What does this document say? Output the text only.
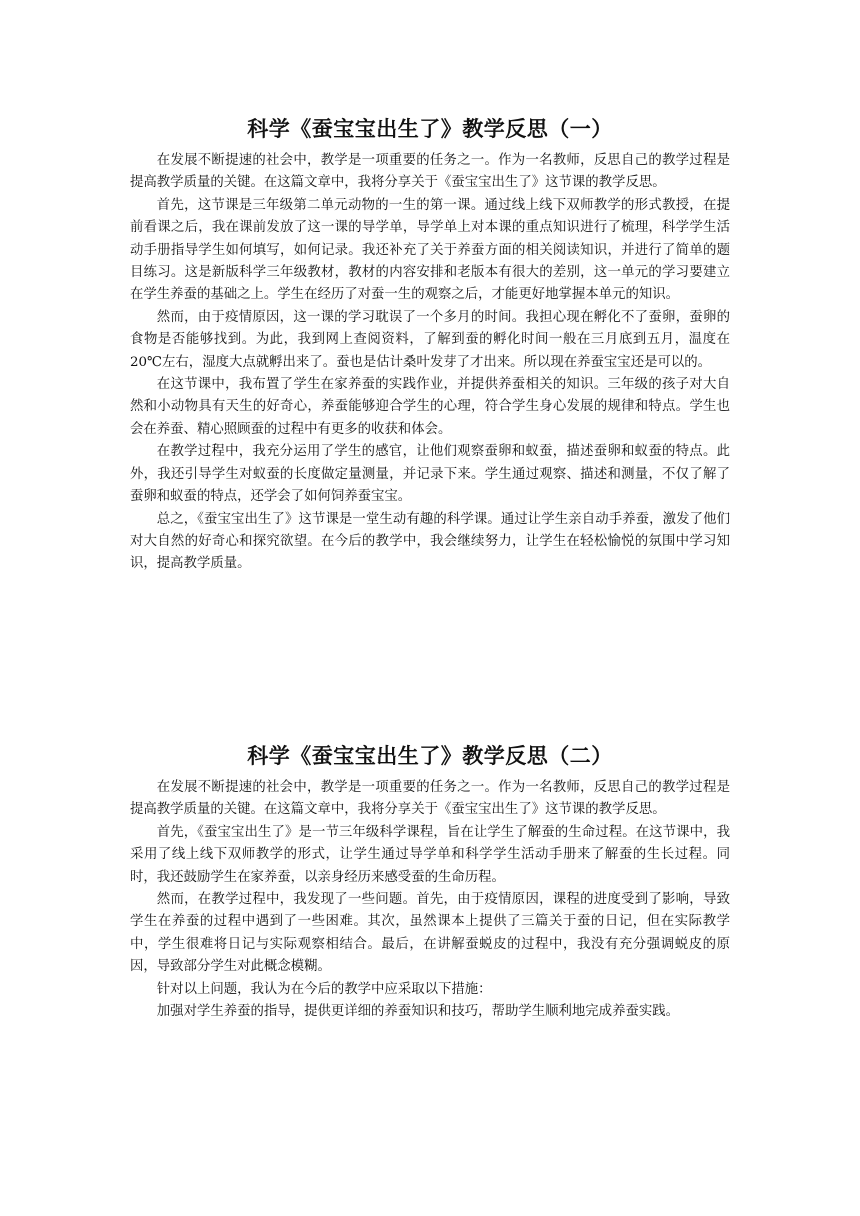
科学《蚕宝宝出生了》教学反思（一）

在发展不断提速的社会中，教学是一项重要的任务之一。作为一名教师，反思自己的教学过程是提高教学质量的关键。在这篇文章中，我将分享关于《蚕宝宝出生了》这节课的教学反思。

首先，这节课是三年级第二单元动物的一生的第一课。通过线上线下双师教学的形式教授，在提前看课之后，我在课前发放了这一课的导学单，导学单上对本课的重点知识进行了梳理，科学学生活动手册指导学生如何填写，如何记录。我还补充了关于养蚕方面的相关阅读知识，并进行了简单的题目练习。这是新版科学三年级教材，教材的内容安排和老版本有很大的差别，这一单元的学习要建立在学生养蚕的基础之上。学生在经历了对蚕一生的观察之后，才能更好地掌握本单元的知识。

然而，由于疫情原因，这一课的学习耽误了一个多月的时间。我担心现在孵化不了蚕卵，蚕卵的食物是否能够找到。为此，我到网上查阅资料，了解到蚕的孵化时间一般在三月底到五月，温度在20℃左右，湿度大点就孵出来了。蚕也是估计桑叶发芽了才出来。所以现在养蚕宝宝还是可以的。

在这节课中，我布置了学生在家养蚕的实践作业，并提供养蚕相关的知识。三年级的孩子对大自然和小动物具有天生的好奇心，养蚕能够迎合学生的心理，符合学生身心发展的规律和特点。学生也会在养蚕、精心照顾蚕的过程中有更多的收获和体会。

在教学过程中，我充分运用了学生的感官，让他们观察蚕卵和蚁蚕，描述蚕卵和蚁蚕的特点。此外，我还引导学生对蚁蚕的长度做定量测量，并记录下来。学生通过观察、描述和测量，不仅了解了蚕卵和蚁蚕的特点，还学会了如何饲养蚕宝宝。

总之，《蚕宝宝出生了》这节课是一堂生动有趣的科学课。通过让学生亲自动手养蚕，激发了他们对大自然的好奇心和探究欲望。在今后的教学中，我会继续努力，让学生在轻松愉悦的氛围中学习知识，提高教学质量。

科学《蚕宝宝出生了》教学反思（二）

在发展不断提速的社会中，教学是一项重要的任务之一。作为一名教师，反思自己的教学过程是提高教学质量的关键。在这篇文章中，我将分享关于《蚕宝宝出生了》这节课的教学反思。

首先，《蚕宝宝出生了》是一节三年级科学课程，旨在让学生了解蚕的生命过程。在这节课中，我采用了线上线下双师教学的形式，让学生通过导学单和科学学生活动手册来了解蚕的生长过程。同时，我还鼓励学生在家养蚕，以亲身经历来感受蚕的生命历程。

然而，在教学过程中，我发现了一些问题。首先，由于疫情原因，课程的进度受到了影响，导致学生在养蚕的过程中遇到了一些困难。其次，虽然课本上提供了三篇关于蚕的日记，但在实际教学中，学生很难将日记与实际观察相结合。最后，在讲解蚕蜕皮的过程中，我没有充分强调蜕皮的原因，导致部分学生对此概念模糊。

针对以上问题，我认为在今后的教学中应采取以下措施：

加强对学生养蚕的指导，提供更详细的养蚕知识和技巧，帮助学生顺利地完成养蚕实践。
